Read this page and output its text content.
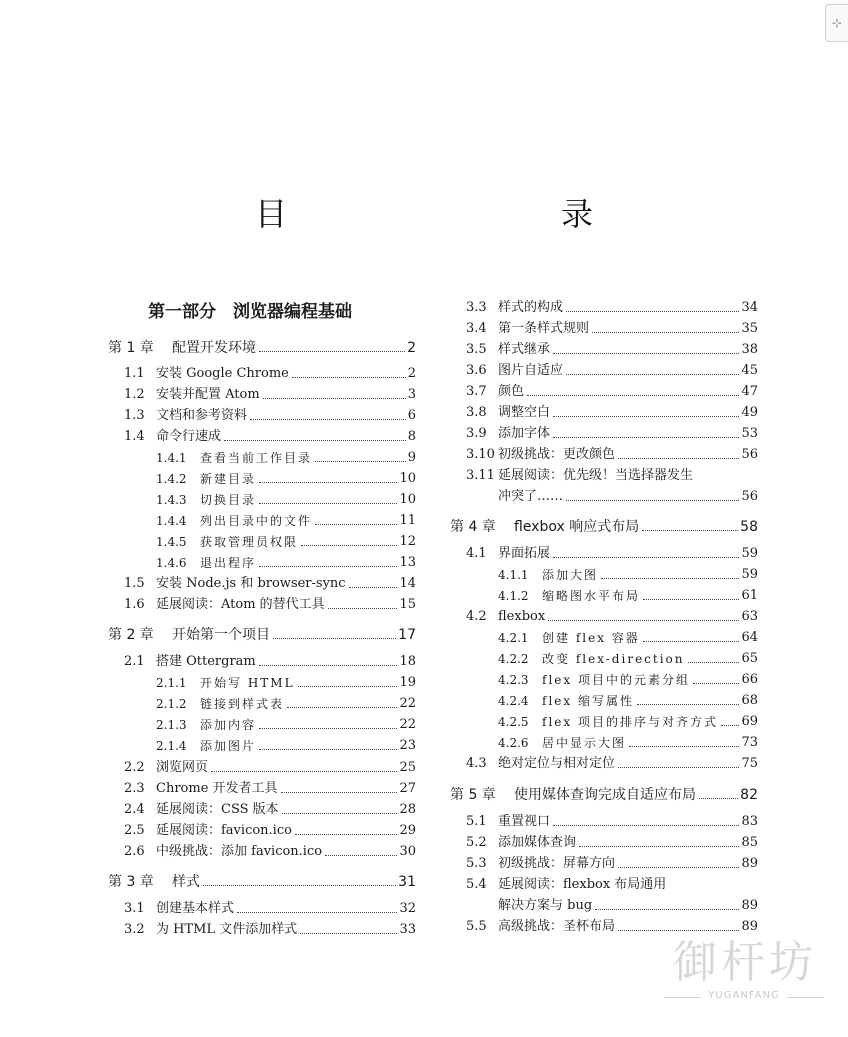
⊹
目　　录
第一部分　浏览器编程基础
第 1 章	配置开发环境	2
1.1 安装 Google Chrome	2
1.2 安装并配置 Atom	3
1.3 文档和参考资料	6
1.4 命令行速成	8
1.4.1	查看当前工作目录	9
1.4.2	新建目录	10
1.4.3	切换目录	10
1.4.4	列出目录中的文件	11
1.4.5	获取管理员权限	12
1.4.6	退出程序	13
1.5 安装 Node.js 和 browser-sync	14
1.6 延展阅读：Atom 的替代工具	15
第 2 章	开始第一个项目	17
2.1 搭建 Ottergram	18
2.1.1	开始写 HTML	19
2.1.2	链接到样式表	22
2.1.3	添加内容	22
2.1.4	添加图片	23
2.2 浏览网页	25
2.3 Chrome 开发者工具	27
2.4 延展阅读：CSS 版本	28
2.5 延展阅读：favicon.ico	29
2.6 中级挑战：添加 favicon.ico	30
第 3 章	样式	31
3.1 创建基本样式	32
3.2 为 HTML 文件添加样式	33
3.3 样式的构成	34
3.4 第一条样式规则	35
3.5 样式继承	38
3.6 图片自适应	45
3.7 颜色	47
3.8 调整空白	49
3.9 添加字体	53
3.10 初级挑战：更改颜色	56
3.11 延展阅读：优先级！当选择器发生
冲突了……	56
第 4 章	flexbox 响应式布局	58
4.1 界面拓展	59
4.1.1	添加大图	59
4.1.2	缩略图水平布局	61
4.2 flexbox	63
4.2.1	创建 flex 容器	64
4.2.2	改变 flex-direction	65
4.2.3	flex 项目中的元素分组	66
4.2.4	flex 缩写属性	68
4.2.5	flex 项目的排序与对齐方式 69
4.2.6	居中显示大图	73
4.3 绝对定位与相对定位	75
第 5 章	使用媒体查询完成自适应布局	82
5.1 重置视口	83
5.2 添加媒体查询	85
5.3 初级挑战：屏幕方向	89
5.4 延展阅读：flexbox 布局通用
解决方案与 bug	89
5.5 高级挑战：圣杯布局	89
御杆坊
YUGANFANG
